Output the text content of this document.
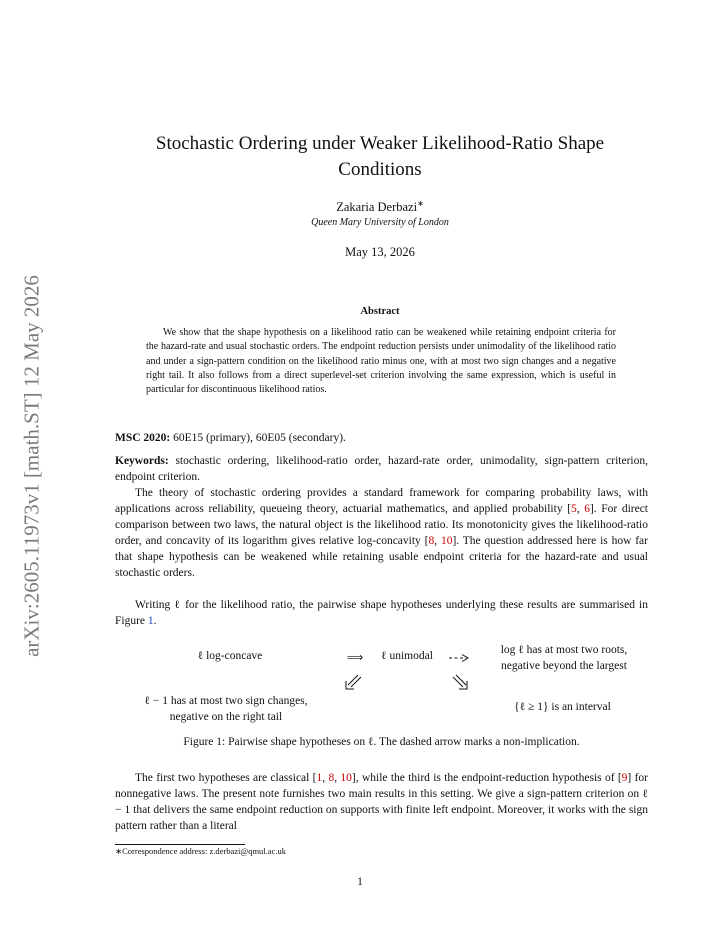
arXiv:2605.11973v1 [math.ST] 12 May 2026
Stochastic Ordering under Weaker Likelihood-Ratio Shape Conditions
Zakaria Derbazi∗
Queen Mary University of London
May 13, 2026
Abstract
We show that the shape hypothesis on a likelihood ratio can be weakened while retaining endpoint criteria for the hazard-rate and usual stochastic orders. The endpoint reduction persists under unimodality of the likelihood ratio and under a sign-pattern condition on the likelihood ratio minus one, with at most two sign changes and a negative right tail. It also follows from a direct superlevel-set criterion involving the same expression, which is useful in particular for discontinuous likelihood ratios.
MSC 2020: 60E15 (primary), 60E05 (secondary).
Keywords: stochastic ordering, likelihood-ratio order, hazard-rate order, unimodality, sign-pattern criterion, endpoint criterion.
The theory of stochastic ordering provides a standard framework for comparing probability laws, with applications across reliability, queueing theory, actuarial mathematics, and applied probability [5, 6]. For direct comparison between two laws, the natural object is the likelihood ratio. Its monotonicity gives the likelihood-ratio order, and concavity of its logarithm gives relative log-concavity [8, 10]. The question addressed here is how far that shape hypothesis can be weakened while retaining usable endpoint criteria for the hazard-rate and usual stochastic orders.
Writing ℓ for the likelihood ratio, the pairwise shape hypotheses underlying these results are summarised in Figure 1.
ℓ log-concave	⟹	ℓ unimodal	log ℓ has at most two roots,
negative beyond the largest
ℓ − 1 has at most two sign changes,
negative on the right tail
{ℓ ≥ 1} is an interval
Figure 1: Pairwise shape hypotheses on ℓ. The dashed arrow marks a non-implication.
The first two hypotheses are classical [1, 8, 10], while the third is the endpoint-reduction hypothesis of [9] for nonnegative laws. The present note furnishes two main results in this setting. We give a sign-pattern criterion on ℓ − 1 that delivers the same endpoint reduction on supports with finite left endpoint. Moreover, it works with the sign pattern rather than a literal
∗Correspondence address: z.derbazi@qmul.ac.uk
1
